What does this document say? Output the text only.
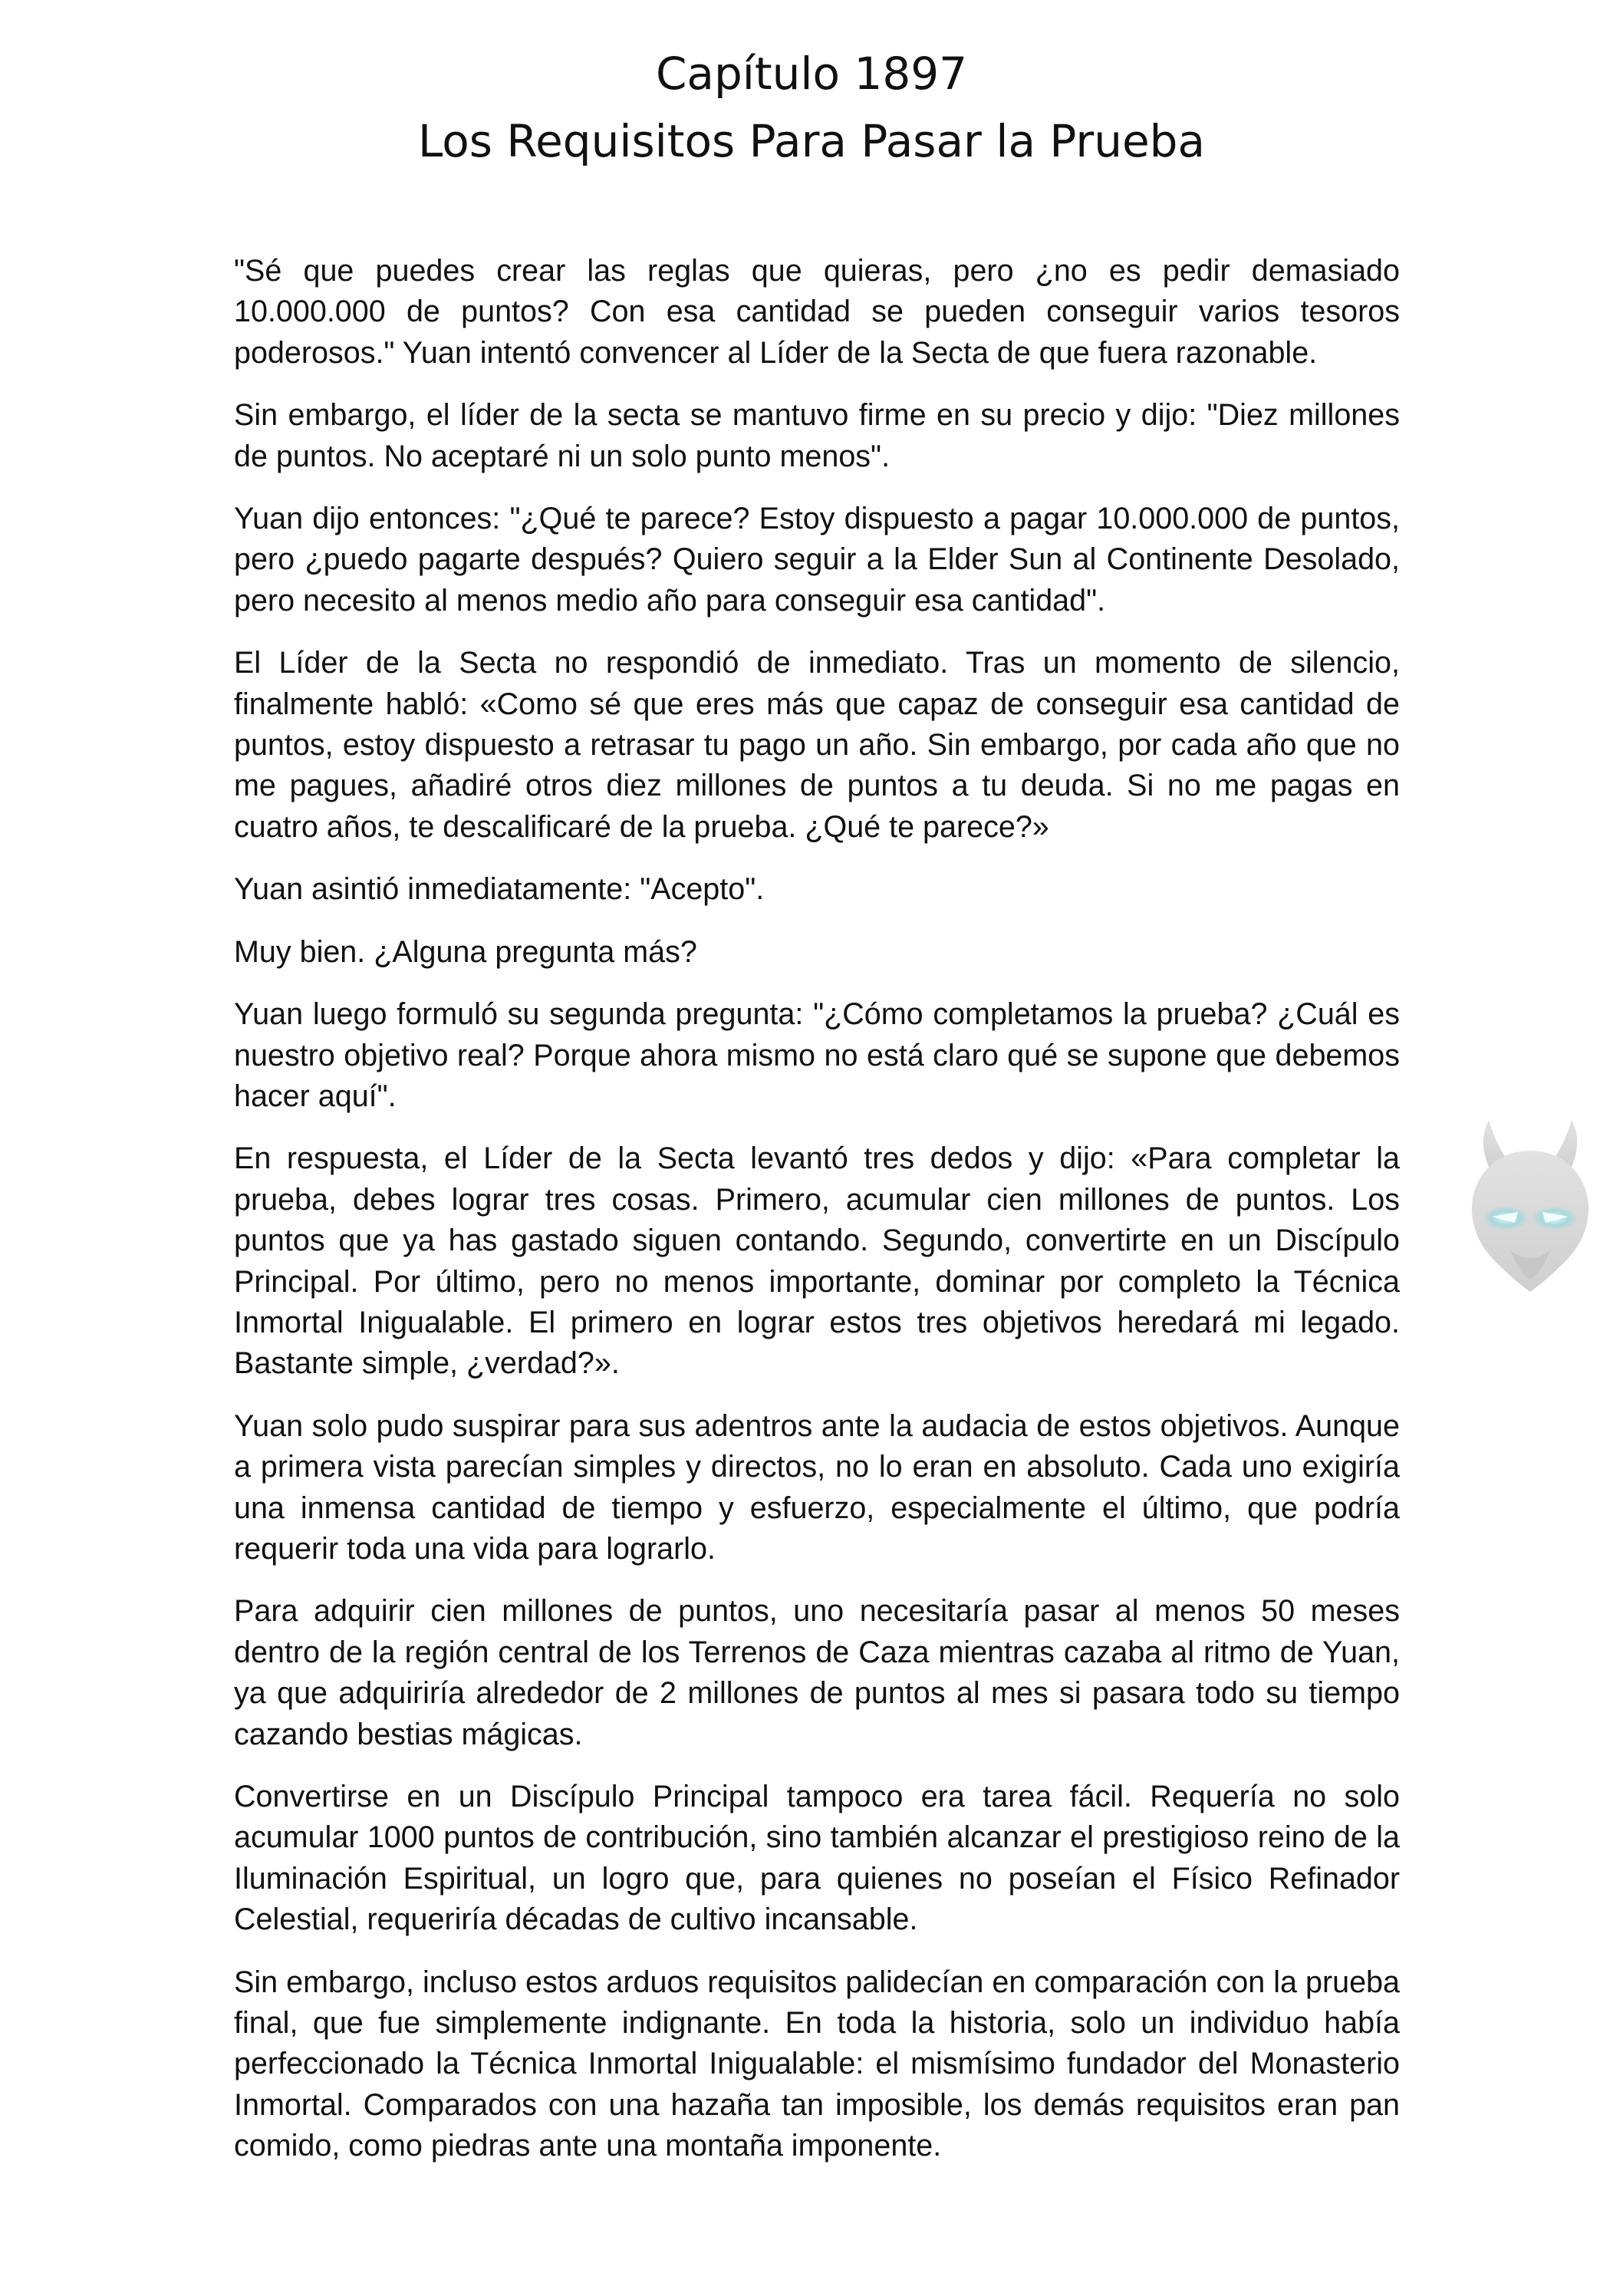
Capítulo 1897
Los Requisitos Para Pasar la Prueba

"Sé que puedes crear las reglas que quieras, pero ¿no es pedir demasiado 10.000.000 de puntos? Con esa cantidad se pueden conseguir varios tesoros poderosos." Yuan intentó convencer al Líder de la Secta de que fuera razonable.

Sin embargo, el líder de la secta se mantuvo firme en su precio y dijo: "Diez millones de puntos. No aceptaré ni un solo punto menos".

Yuan dijo entonces: "¿Qué te parece? Estoy dispuesto a pagar 10.000.000 de puntos, pero ¿puedo pagarte después? Quiero seguir a la Elder Sun al Continente Desolado, pero necesito al menos medio año para conseguir esa cantidad".

El Líder de la Secta no respondió de inmediato. Tras un momento de silencio, finalmente habló: «Como sé que eres más que capaz de conseguir esa cantidad de puntos, estoy dispuesto a retrasar tu pago un año. Sin embargo, por cada año que no me pagues, añadiré otros diez millones de puntos a tu deuda. Si no me pagas en cuatro años, te descalificaré de la prueba. ¿Qué te parece?»

Yuan asintió inmediatamente: "Acepto".

Muy bien. ¿Alguna pregunta más?

Yuan luego formuló su segunda pregunta: "¿Cómo completamos la prueba? ¿Cuál es nuestro objetivo real? Porque ahora mismo no está claro qué se supone que debemos hacer aquí".

En respuesta, el Líder de la Secta levantó tres dedos y dijo: «Para completar la prueba, debes lograr tres cosas. Primero, acumular cien millones de puntos. Los puntos que ya has gastado siguen contando. Segundo, convertirte en un Discípulo Principal. Por último, pero no menos importante, dominar por completo la Técnica Inmortal Inigualable. El primero en lograr estos tres objetivos heredará mi legado. Bastante simple, ¿verdad?».

Yuan solo pudo suspirar para sus adentros ante la audacia de estos objetivos. Aunque a primera vista parecían simples y directos, no lo eran en absoluto. Cada uno exigiría una inmensa cantidad de tiempo y esfuerzo, especialmente el último, que podría requerir toda una vida para lograrlo.

Para adquirir cien millones de puntos, uno necesitaría pasar al menos 50 meses dentro de la región central de los Terrenos de Caza mientras cazaba al ritmo de Yuan, ya que adquiriría alrededor de 2 millones de puntos al mes si pasara todo su tiempo cazando bestias mágicas.

Convertirse en un Discípulo Principal tampoco era tarea fácil. Requería no solo acumular 1000 puntos de contribución, sino también alcanzar el prestigioso reino de la Iluminación Espiritual, un logro que, para quienes no poseían el Físico Refinador Celestial, requeriría décadas de cultivo incansable.

Sin embargo, incluso estos arduos requisitos palidecían en comparación con la prueba final, que fue simplemente indignante. En toda la historia, solo un individuo había perfeccionado la Técnica Inmortal Inigualable: el mismísimo fundador del Monasterio Inmortal. Comparados con una hazaña tan imposible, los demás requisitos eran pan comido, como piedras ante una montaña imponente.
